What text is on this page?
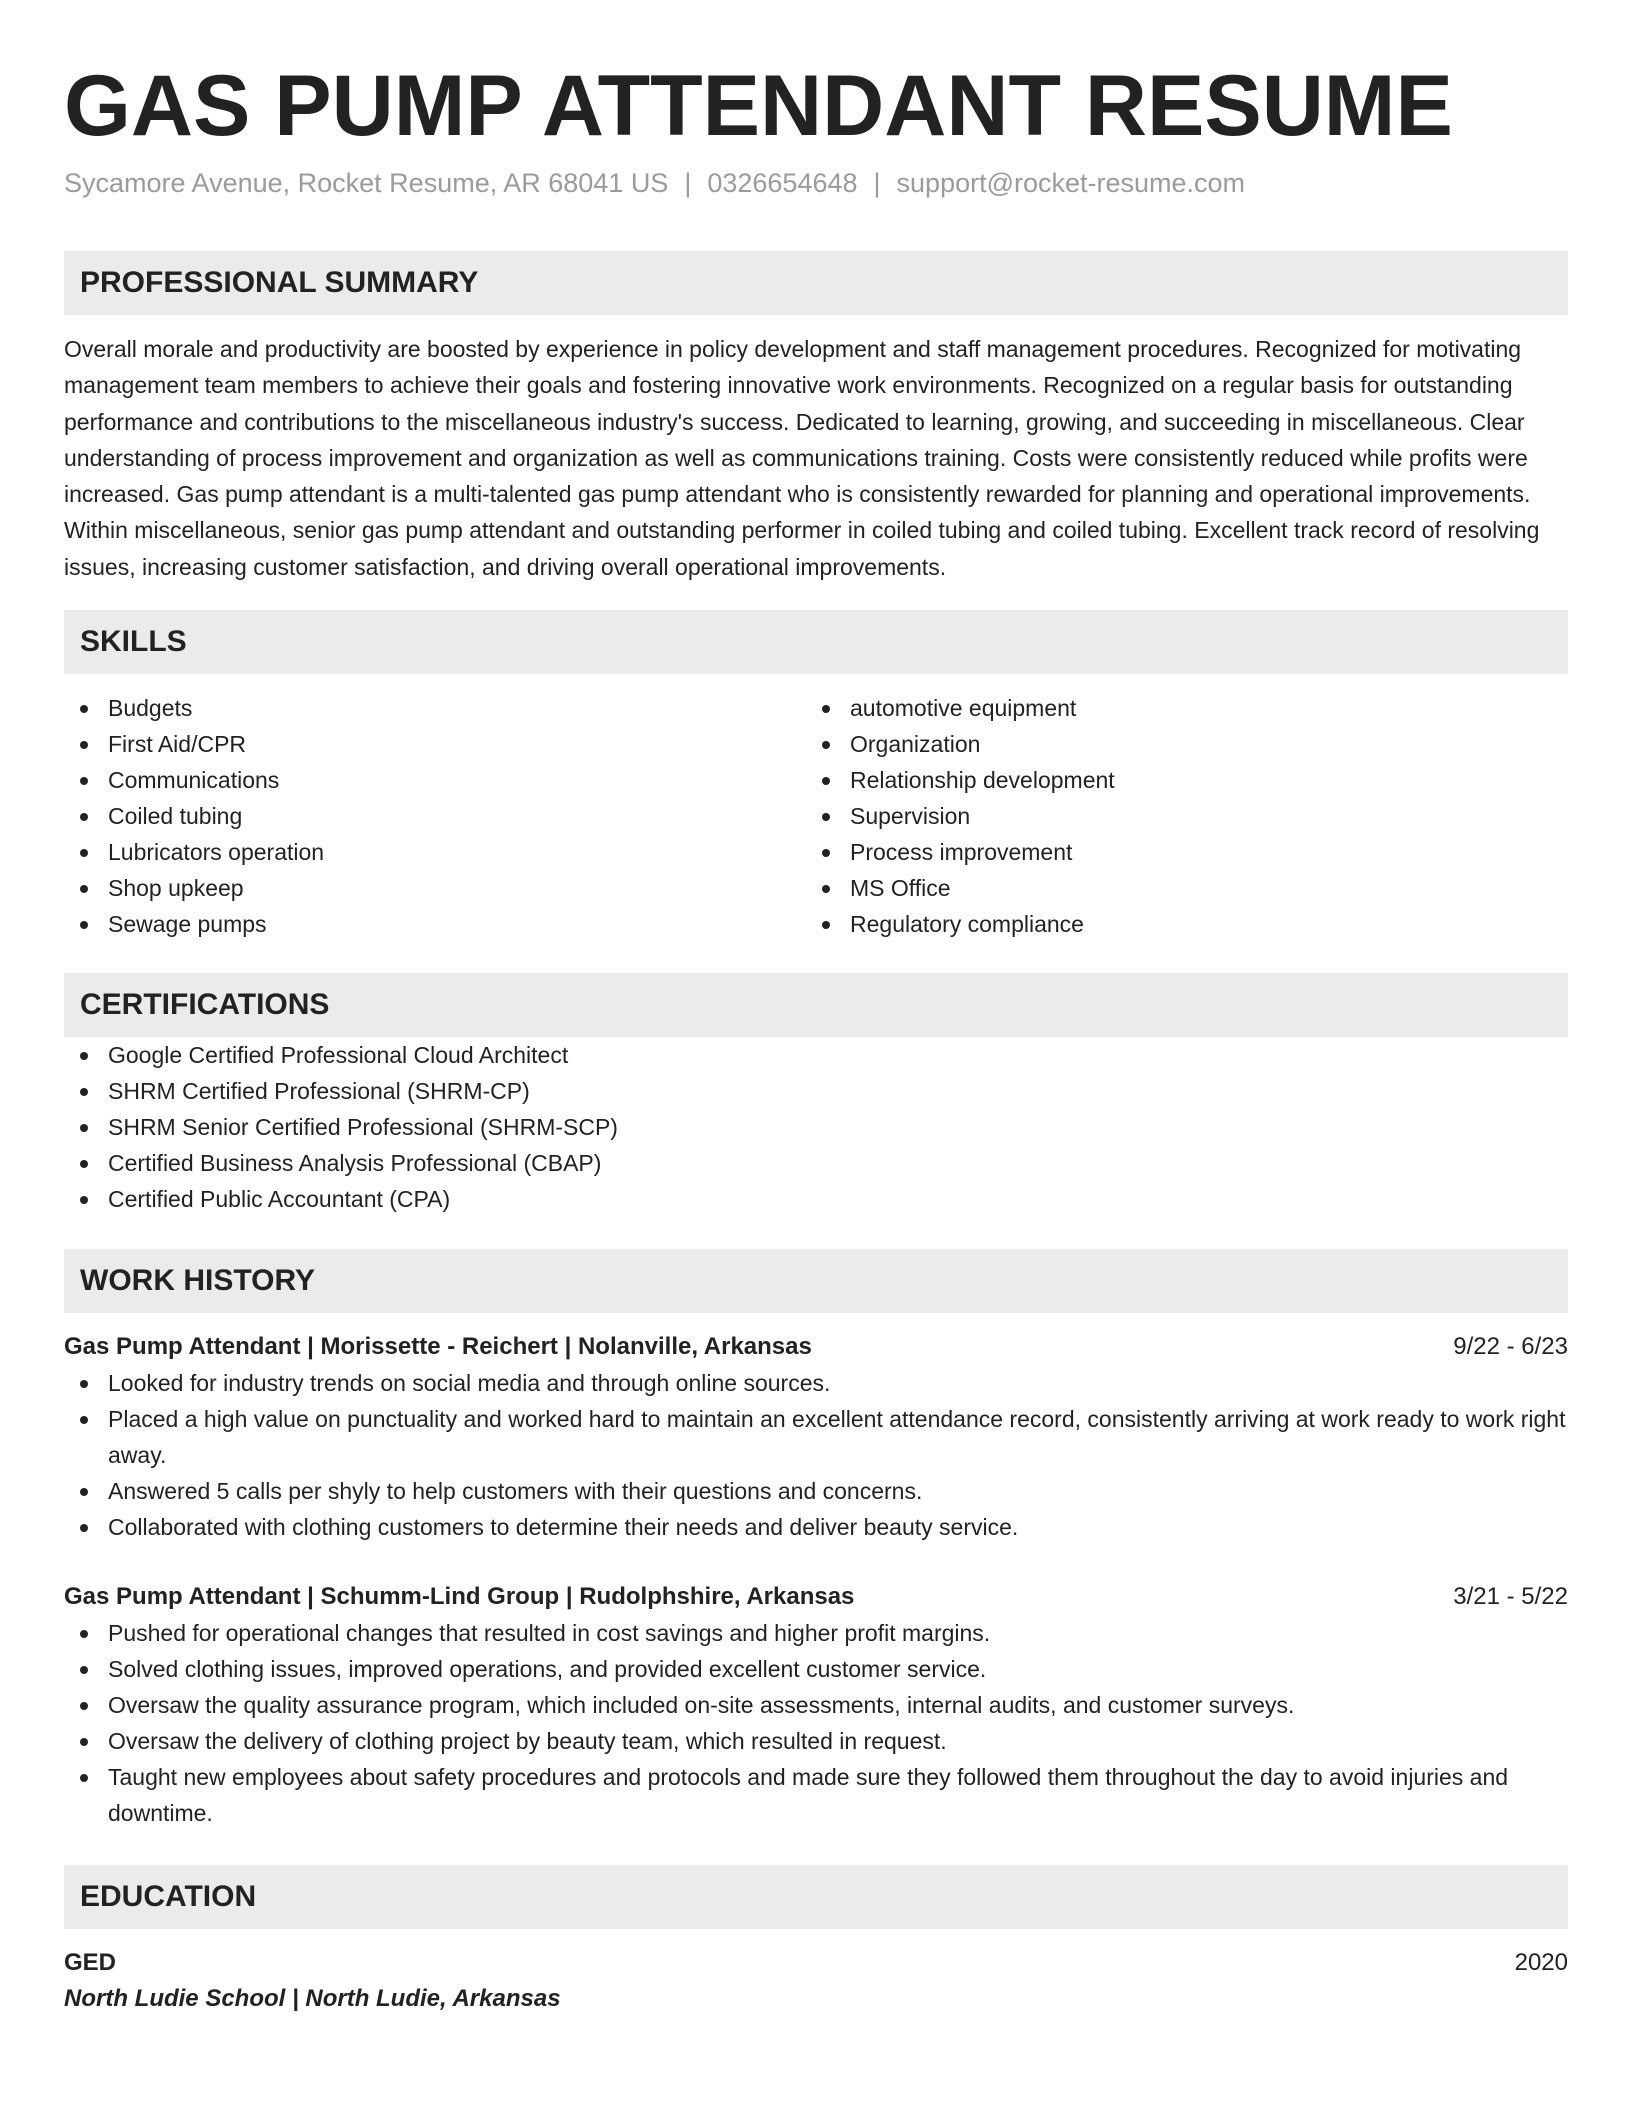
GAS PUMP ATTENDANT RESUME
Sycamore Avenue, Rocket Resume, AR 68041 US | 0326654648 | support@rocket-resume.com
PROFESSIONAL SUMMARY

Overall morale and productivity are boosted by experience in policy development and staff management procedures. Recognized for motivating management team members to achieve their goals and fostering innovative work environments. Recognized on a regular basis for outstanding performance and contributions to the miscellaneous industry's success. Dedicated to learning, growing, and succeeding in miscellaneous. Clear understanding of process improvement and organization as well as communications training. Costs were consistently reduced while profits were increased. Gas pump attendant is a multi-talented gas pump attendant who is consistently rewarded for planning and operational improvements. Within miscellaneous, senior gas pump attendant and outstanding performer in coiled tubing and coiled tubing. Excellent track record of resolving issues, increasing customer satisfaction, and driving overall operational improvements.

SKILLS
Budgets
First Aid/CPR
Communications
Coiled tubing
Lubricators operation
Shop upkeep
Sewage pumps
automotive equipment
Organization
Relationship development
Supervision
Process improvement
MS Office
Regulatory compliance
CERTIFICATIONS
Google Certified Professional Cloud Architect
SHRM Certified Professional (SHRM-CP)
SHRM Senior Certified Professional (SHRM-SCP)
Certified Business Analysis Professional (CBAP)
Certified Public Accountant (CPA)
WORK HISTORY
Gas Pump Attendant | Morissette - Reichert | Nolanville, Arkansas	9/22 - 6/23
Looked for industry trends on social media and through online sources.
Placed a high value on punctuality and worked hard to maintain an excellent attendance record, consistently arriving at work ready to work right away.
Answered 5 calls per shyly to help customers with their questions and concerns.
Collaborated with clothing customers to determine their needs and deliver beauty service.
Gas Pump Attendant | Schumm-Lind Group | Rudolphshire, Arkansas	3/21 - 5/22
Pushed for operational changes that resulted in cost savings and higher profit margins.
Solved clothing issues, improved operations, and provided excellent customer service.
Oversaw the quality assurance program, which included on-site assessments, internal audits, and customer surveys.
Oversaw the delivery of clothing project by beauty team, which resulted in request.
Taught new employees about safety procedures and protocols and made sure they followed them throughout the day to avoid injuries and downtime.
EDUCATION
GED	2020
North Ludie School | North Ludie, Arkansas
